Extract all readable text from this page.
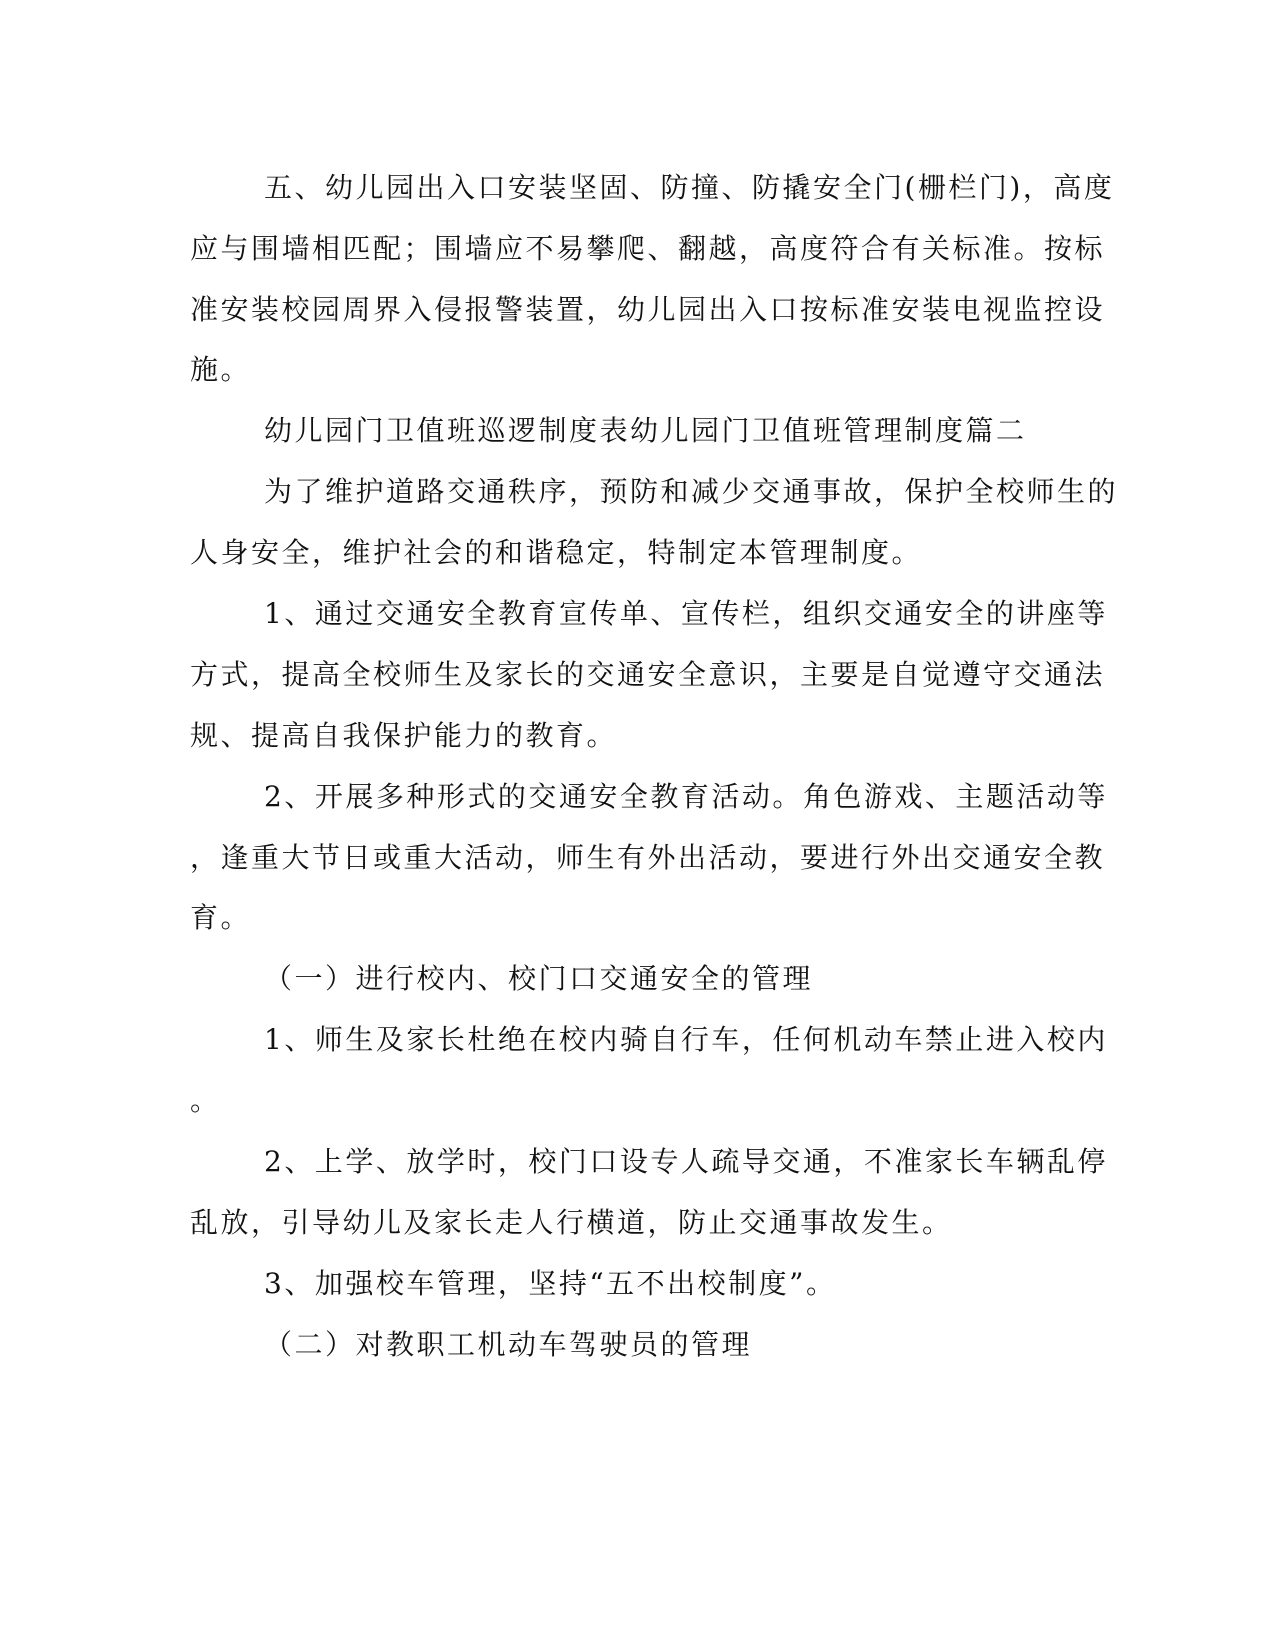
五、幼儿园出入口安装坚固、防撞、防撬安全门(栅栏门)，高度
应与围墙相匹配；围墙应不易攀爬、翻越，高度符合有关标准。按标
准安装校园周界入侵报警装置，幼儿园出入口按标准安装电视监控设
施。
幼儿园门卫值班巡逻制度表幼儿园门卫值班管理制度篇二
为了维护道路交通秩序，预防和减少交通事故，保护全校师生的
人身安全，维护社会的和谐稳定，特制定本管理制度。
1、通过交通安全教育宣传单、宣传栏，组织交通安全的讲座等
方式，提高全校师生及家长的交通安全意识，主要是自觉遵守交通法
规、提高自我保护能力的教育。
2、开展多种形式的交通安全教育活动。角色游戏、主题活动等
，逢重大节日或重大活动，师生有外出活动，要进行外出交通安全教
育。
（一）进行校内、校门口交通安全的管理
1、师生及家长杜绝在校内骑自行车，任何机动车禁止进入校内
。
2、上学、放学时，校门口设专人疏导交通，不准家长车辆乱停
乱放，引导幼儿及家长走人行横道，防止交通事故发生。
3、加强校车管理，坚持“五不出校制度”。
（二）对教职工机动车驾驶员的管理
